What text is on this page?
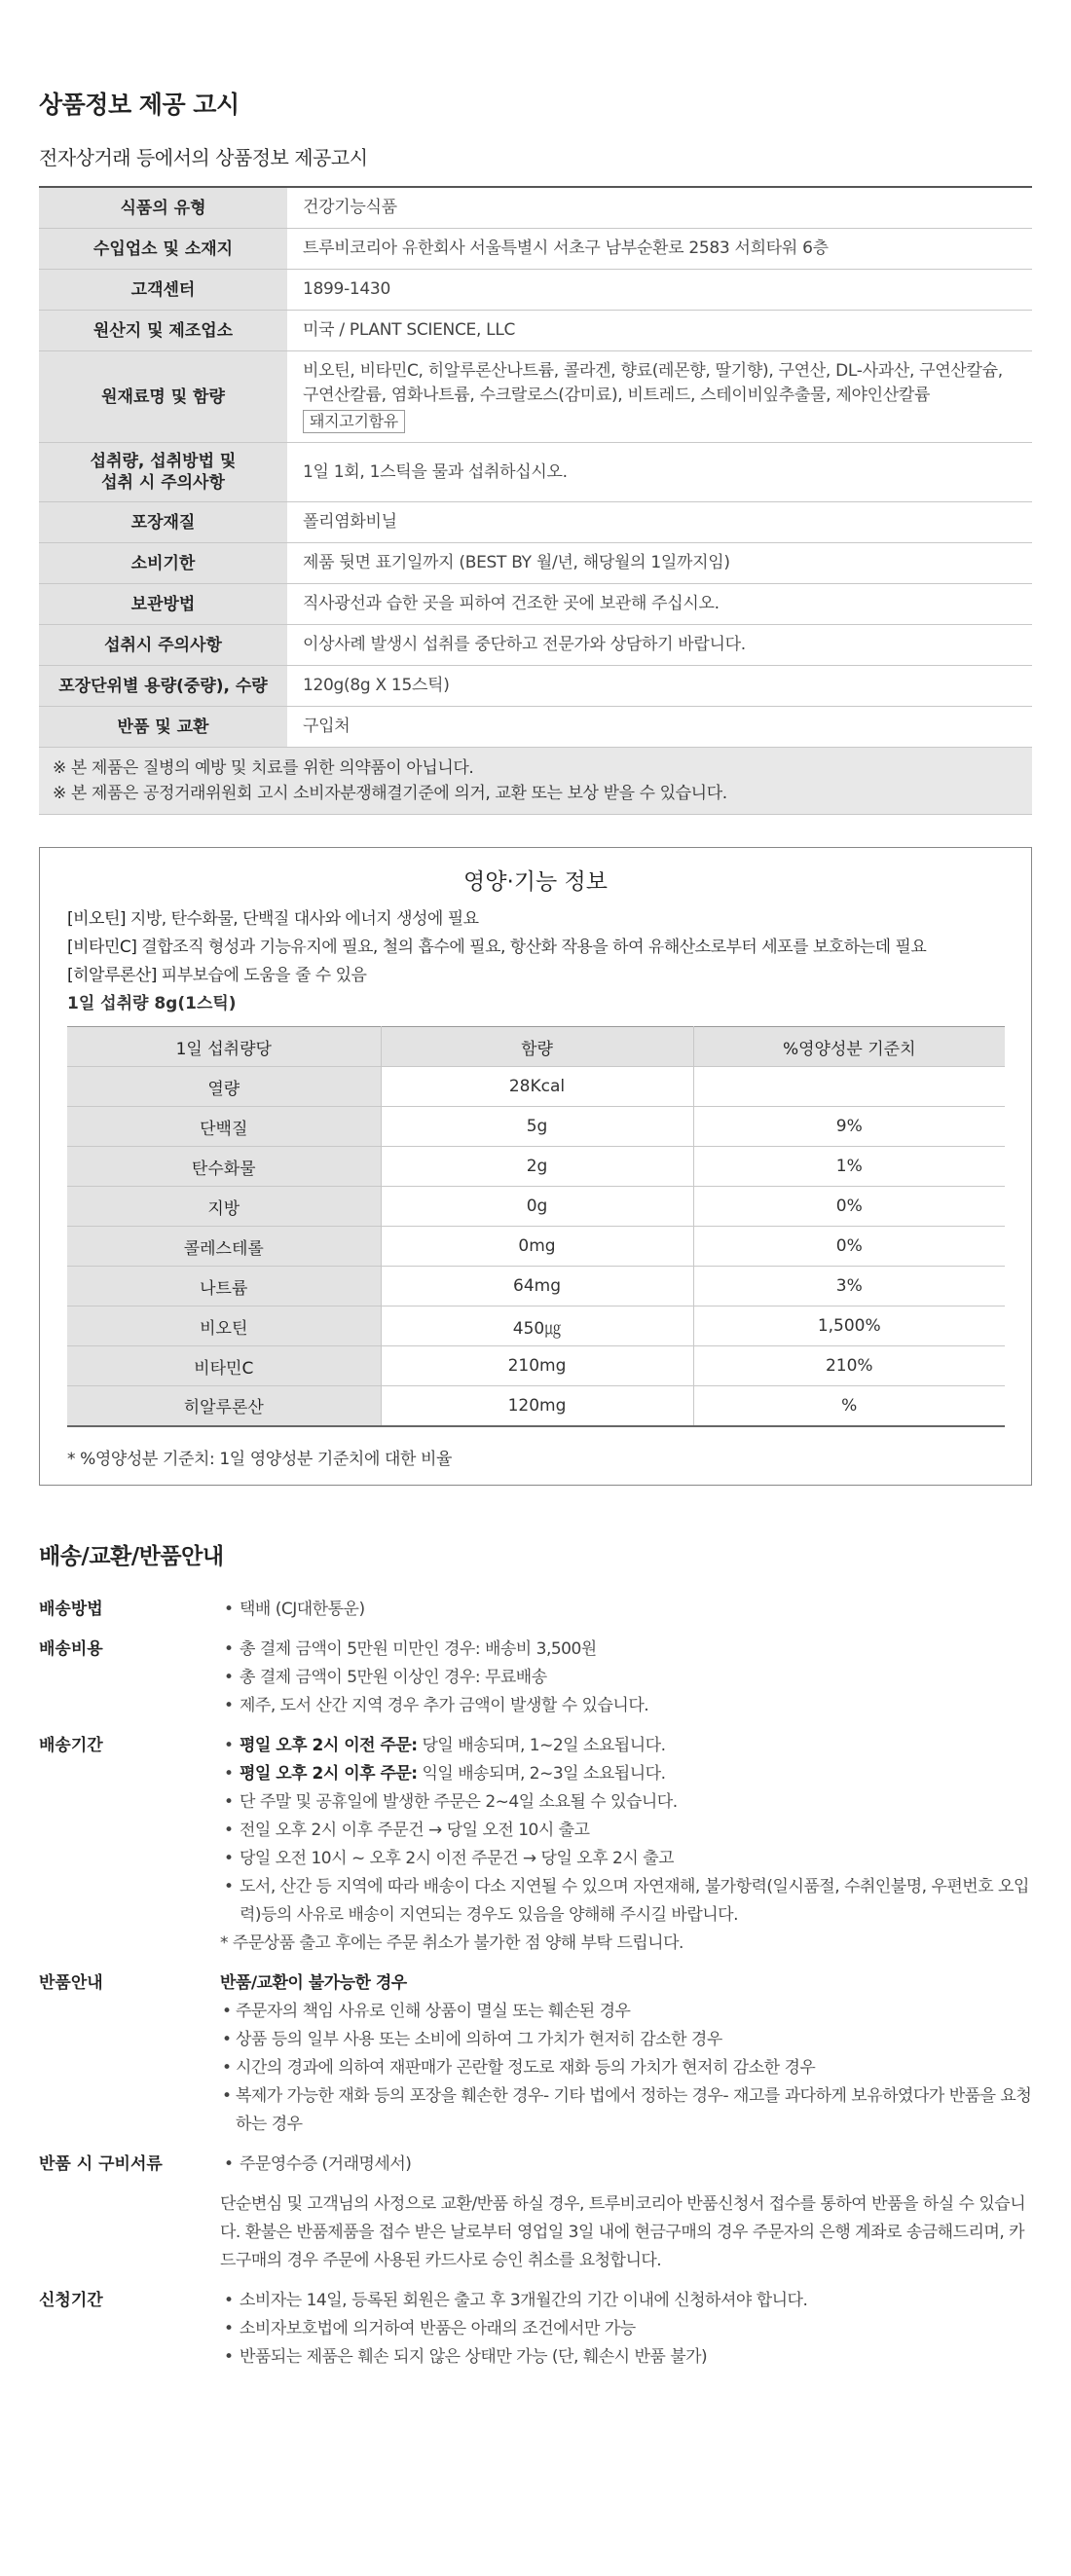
상품정보 제공 고시
전자상거래 등에서의 상품정보 제공고시
식품의 유형	건강기능식품
수입업소 및 소재지	트루비코리아 유한회사 서울특별시 서초구 남부순환로 2583 서희타워 6층
고객센터	1899-1430
원산지 및 제조업소	미국 / PLANT SCIENCE, LLC
원재료명 및 함량	비오틴, 비타민C, 히알루론산나트륨, 콜라겐, 향료(레몬향, 딸기향), 구연산, DL-사과산, 구연산칼슘, 구연산칼륨, 염화나트륨, 수크랄로스(감미료), 비트레드, 스테이비잎추출물, 제야인산칼륨
돼지고기함유

섭취량, 섭취방법 및
섭취 시 주의사항	1일 1회, 1스틱을 물과 섭취하십시오.
포장재질	폴리염화비닐
소비기한	제품 뒷면 표기일까지 (BEST BY 월/년, 해당월의 1일까지임)
보관방법	직사광선과 습한 곳을 피하여 건조한 곳에 보관해 주십시오.
섭취시 주의사항	이상사례 발생시 섭취를 중단하고 전문가와 상담하기 바랍니다.
포장단위별 용량(중량), 수량	120g(8g X 15스틱)
반품 및 교환	구입처

※ 본 제품은 질병의 예방 및 치료를 위한 의약품이 아닙니다.

※ 본 제품은 공정거래위원회 고시 소비자분쟁해결기준에 의거, 교환 또는 보상 받을 수 있습니다.

영양·기능 정보

[비오틴] 지방, 탄수화물, 단백질 대사와 에너지 생성에 필요

[비타민C] 결합조직 형성과 기능유지에 필요, 철의 흡수에 필요, 항산화 작용을 하여 유해산소로부터 세포를 보호하는데 필요

[히알루론산] 피부보습에 도움을 줄 수 있음

1일 섭취량 8g(1스틱)
1일 섭취량당	함량	%영양성분 기준치
열량	28Kcal	
단백질	5g	9%
탄수화물	2g	1%
지방	0g	0%
콜레스테롤	0mg	0%
나트륨	64mg	3%
비오틴	450㎍	1,500%
비타민C	210mg	210%
히알루론산	120mg	%
* %영양성분 기준치: 1일 영양성분 기준치에 대한 비율
배송/교환/반품안내
배송방법	• 택배 (CJ대한통운)
배송비용	• 총 결제 금액이 5만원 미만인 경우: 배송비 3,500원
• 총 결제 금액이 5만원 이상인 경우: 무료배송
• 제주, 도서 산간 지역 경우 추가 금액이 발생할 수 있습니다.
배송기간	• 평일 오후 2시 이전 주문: 당일 배송되며, 1~2일 소요됩니다.
• 평일 오후 2시 이후 주문: 익일 배송되며, 2~3일 소요됩니다.
• 단 주말 및 공휴일에 발생한 주문은 2~4일 소요될 수 있습니다.
• 전일 오후 2시 이후 주문건 → 당일 오전 10시 출고
• 당일 오전 10시 ~ 오후 2시 이전 주문건 → 당일 오후 2시 출고
• 도서, 산간 등 지역에 따라 배송이 다소 지연될 수 있으며 자연재해, 불가항력(일시품절, 수취인불명, 우편번호 오입력)등의 사유로 배송이 지연되는 경우도 있음을 양해해 주시길 바랍니다.
* 주문상품 출고 후에는 주문 취소가 불가한 점 양해 부탁 드립니다.
반품안내	반품/교환이 불가능한 경우
• 주문자의 책임 사유로 인해 상품이 멸실 또는 훼손된 경우
• 상품 등의 일부 사용 또는 소비에 의하여 그 가치가 현저히 감소한 경우
• 시간의 경과에 의하여 재판매가 곤란할 정도로 재화 등의 가치가 현저히 감소한 경우
• 복제가 가능한 재화 등의 포장을 훼손한 경우- 기타 법에서 정하는 경우- 재고를 과다하게 보유하였다가 반품을 요청하는 경우
반품 시 구비서류	• 주문영수증 (거래명세서)
단순변심 및 고객님의 사정으로 교환/반품 하실 경우, 트루비코리아 반품신청서 접수를 통하여 반품을 하실 수 있습니다. 환불은 반품제품을 접수 받은 날로부터 영업일 3일 내에 현금구매의 경우 주문자의 은행 계좌로 송금해드리며, 카드구매의 경우 주문에 사용된 카드사로 승인 취소를 요청합니다.
신청기간	• 소비자는 14일, 등록된 회원은 출고 후 3개월간의 기간 이내에 신청하셔야 합니다.
• 소비자보호법에 의거하여 반품은 아래의 조건에서만 가능
• 반품되는 제품은 훼손 되지 않은 상태만 가능 (단, 훼손시 반품 불가)
